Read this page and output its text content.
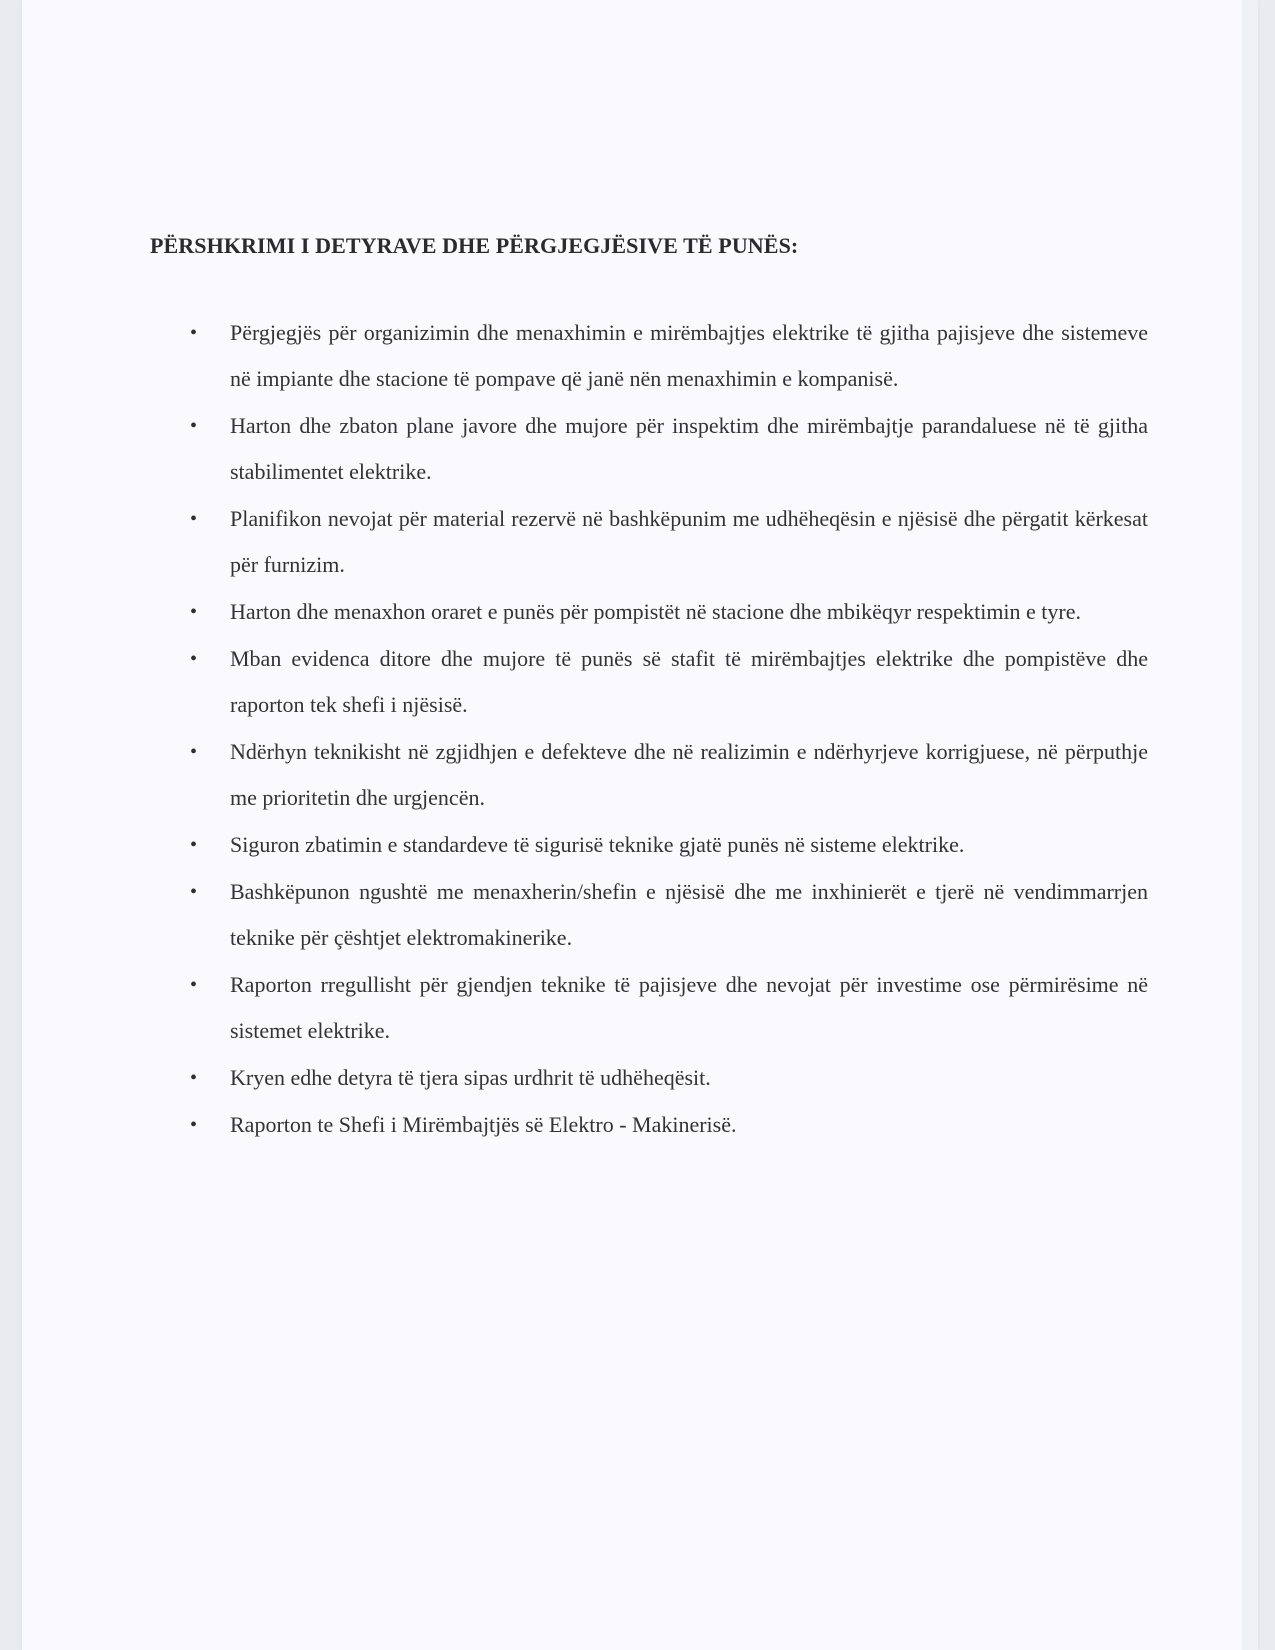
PËRSHKRIMI I DETYRAVE DHE PËRGJEGJËSIVE TË PUNËS:
•	Përgjegjës për organizimin dhe menaxhimin e mirëmbajtjes elektrike të gjitha pajisjeve dhe sistemeve në impiante dhe stacione të pompave që janë nën menaxhimin e kompanisë.
•	Harton dhe zbaton plane javore dhe mujore për inspektim dhe mirëmbajtje parandaluese në të gjitha stabilimentet elektrike.
•	Planifikon nevojat për material rezervë në bashkëpunim me udhëheqësin e njësisë dhe përgatit kërkesat për furnizim.
•	Harton dhe menaxhon oraret e punës për pompistët në stacione dhe mbikëqyr respektimin e tyre.
•	Mban evidenca ditore dhe mujore të punës së stafit të mirëmbajtjes elektrike dhe pompistëve dhe raporton tek shefi i njësisë.
•	Ndërhyn teknikisht në zgjidhjen e defekteve dhe në realizimin e ndërhyrjeve korrigjuese, në përputhje me prioritetin dhe urgjencën.
•	Siguron zbatimin e standardeve të sigurisë teknike gjatë punës në sisteme elektrike.
•	Bashkëpunon ngushtë me menaxherin/shefin e njësisë dhe me inxhinierët e tjerë në vendimmarrjen teknike për çështjet elektromakinerike.
•	Raporton rregullisht për gjendjen teknike të pajisjeve dhe nevojat për investime ose përmirësime në sistemet elektrike.
•	Kryen edhe detyra të tjera sipas urdhrit të udhëheqësit.
•	Raporton te Shefi i Mirëmbajtjës së Elektro - Makinerisë.
